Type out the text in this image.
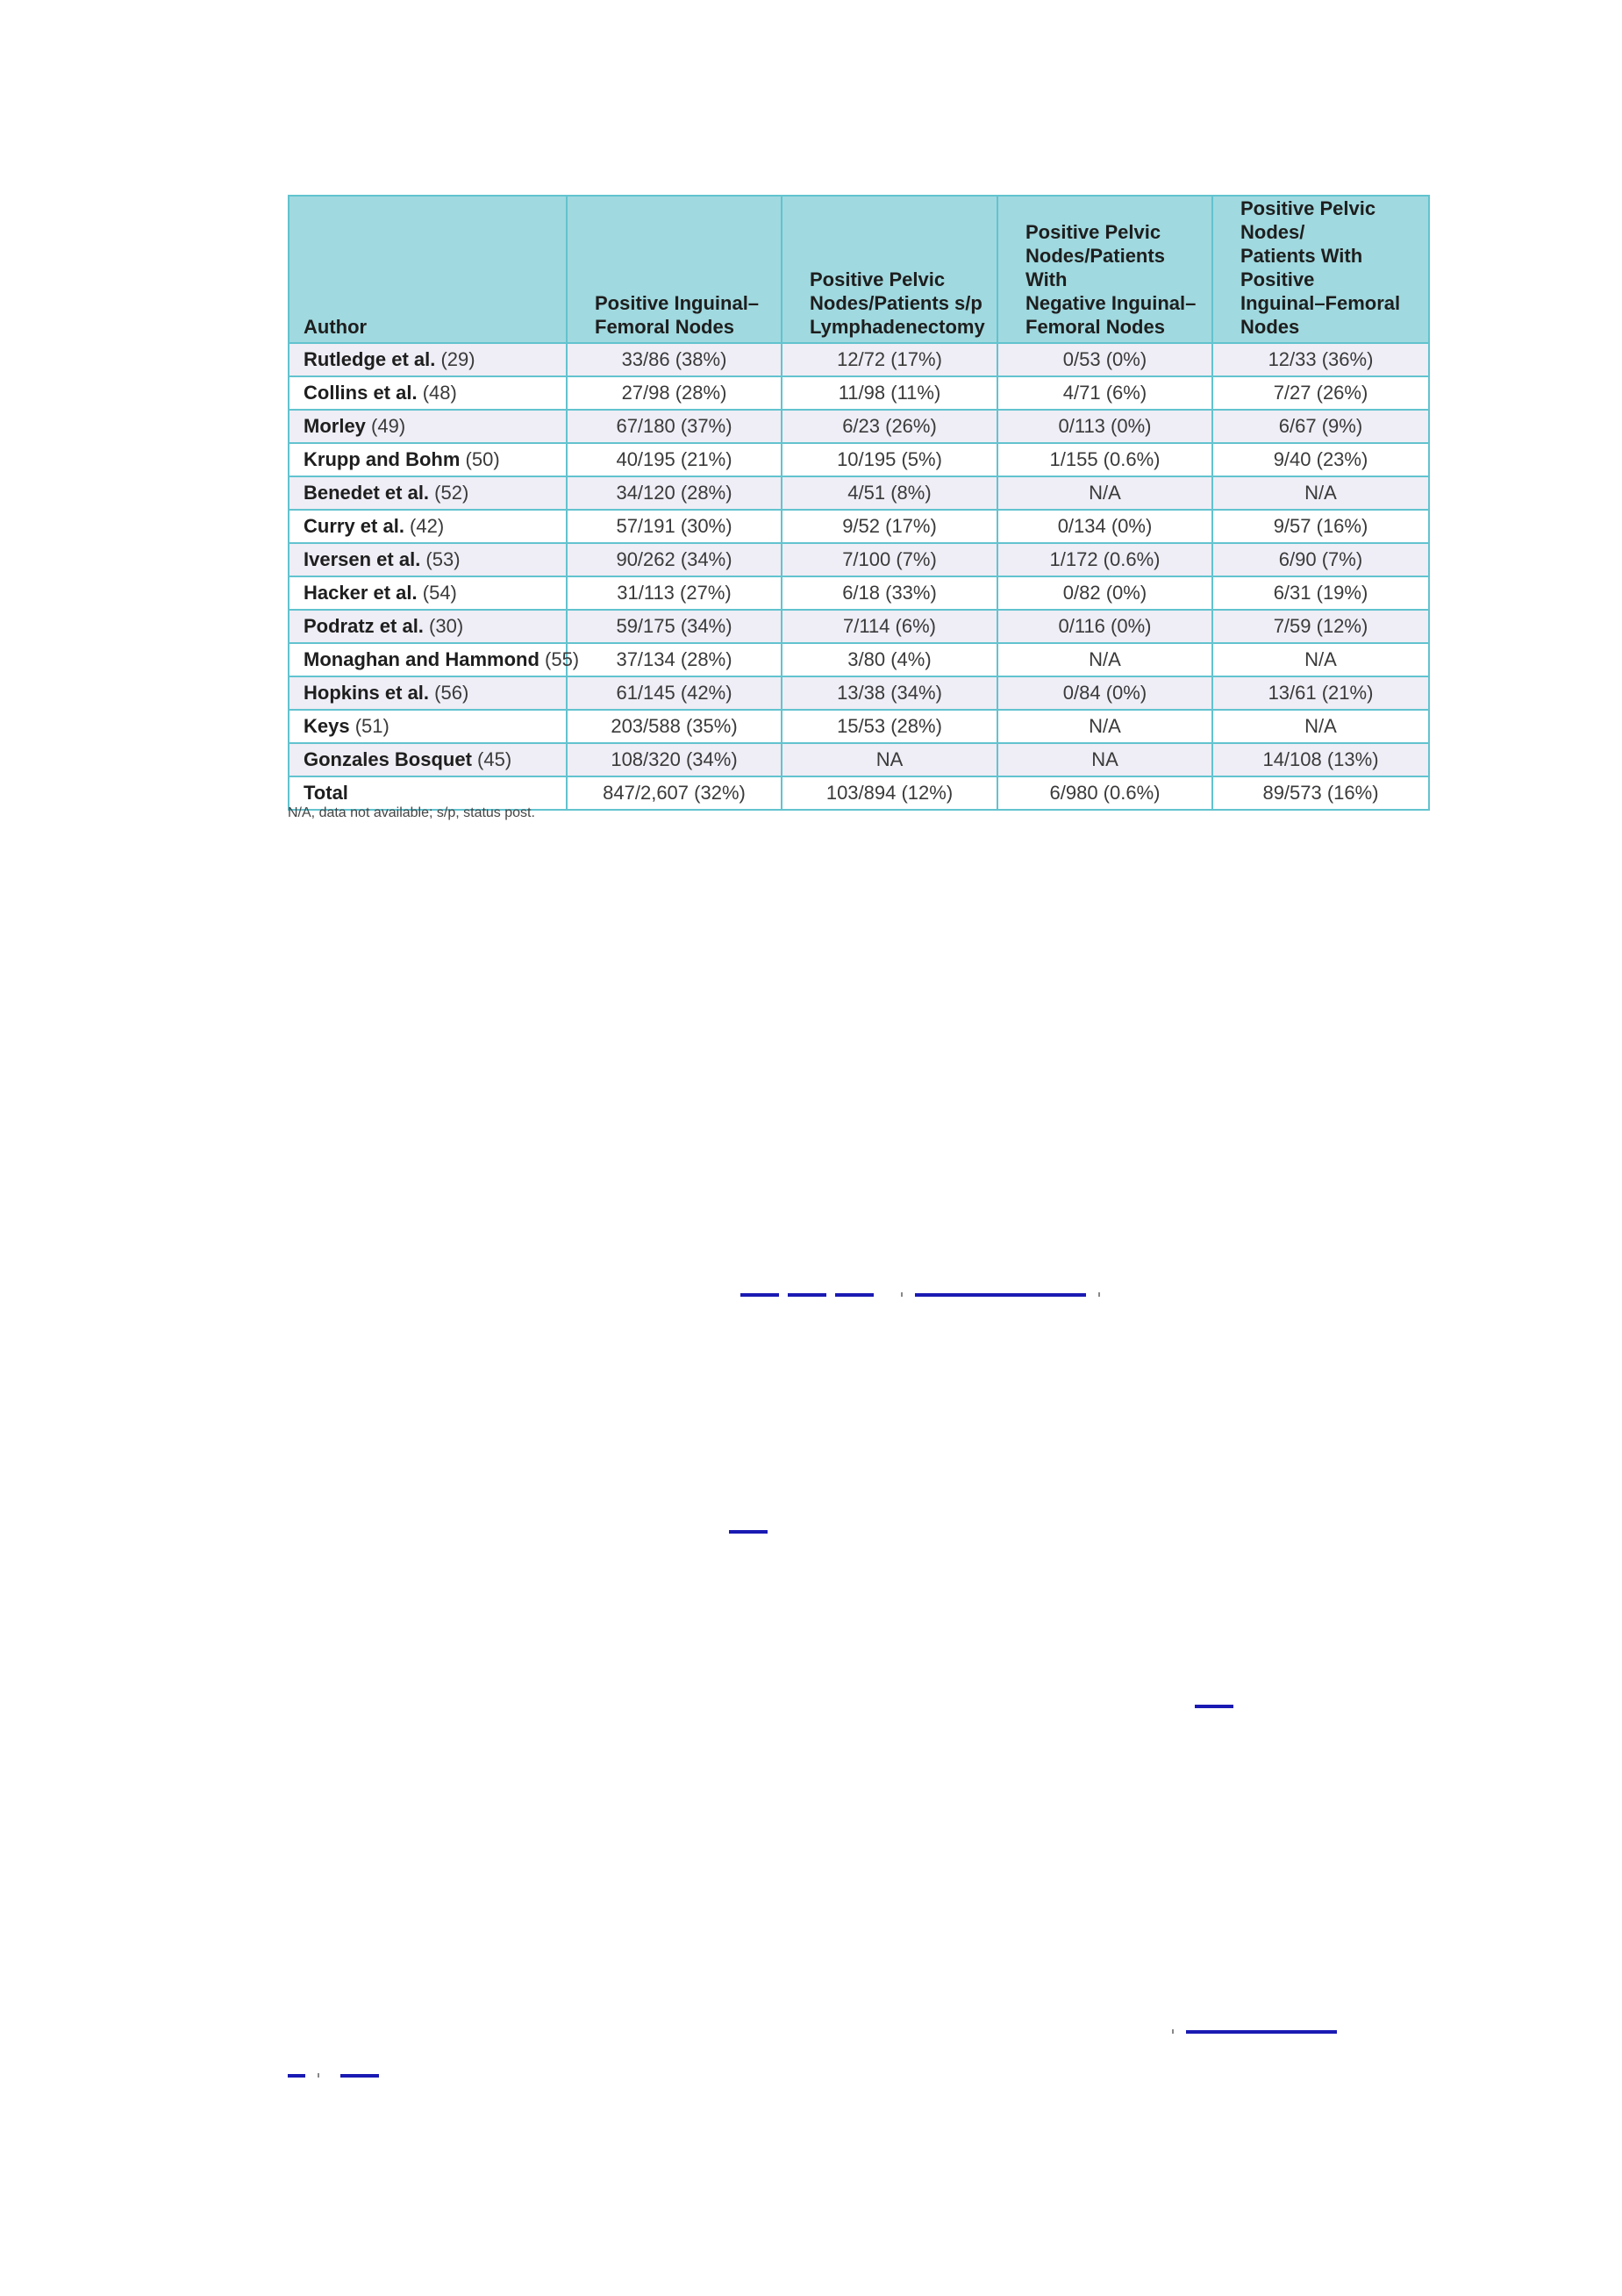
Author	Positive Inguinal–
Femoral Nodes	Positive Pelvic
Nodes/Patients s/p
Lymphadenectomy	Positive Pelvic
Nodes/Patients With
Negative Inguinal–
Femoral Nodes	Positive Pelvic Nodes/
Patients With Positive
Inguinal–Femoral
Nodes
Rutledge et al. (29)	33/86 (38%)	12/72 (17%)	0/53 (0%)	12/33 (36%)
Collins et al. (48)	27/98 (28%)	11/98 (11%)	4/71 (6%)	7/27 (26%)
Morley (49)	67/180 (37%)	6/23 (26%)	0/113 (0%)	6/67 (9%)
Krupp and Bohm (50)	40/195 (21%)	10/195 (5%)	1/155 (0.6%)	9/40 (23%)
Benedet et al. (52)	34/120 (28%)	4/51 (8%)	N/A	N/A
Curry et al. (42)	57/191 (30%)	9/52 (17%)	0/134 (0%)	9/57 (16%)
Iversen et al. (53)	90/262 (34%)	7/100 (7%)	1/172 (0.6%)	6/90 (7%)
Hacker et al. (54)	31/113 (27%)	6/18 (33%)	0/82 (0%)	6/31 (19%)
Podratz et al. (30)	59/175 (34%)	7/114 (6%)	0/116 (0%)	7/59 (12%)
Monaghan and Hammond (55)	37/134 (28%)	3/80 (4%)	N/A	N/A
Hopkins et al. (56)	61/145 (42%)	13/38 (34%)	0/84 (0%)	13/61 (21%)
Keys (51)	203/588 (35%)	15/53 (28%)	N/A	N/A
Gonzales Bosquet (45)	108/320 (34%)	NA	NA	14/108 (13%)
Total	847/2,607 (32%)	103/894 (12%)	6/980 (0.6%)	89/573 (16%)
N/A, data not available; s/p, status post.
